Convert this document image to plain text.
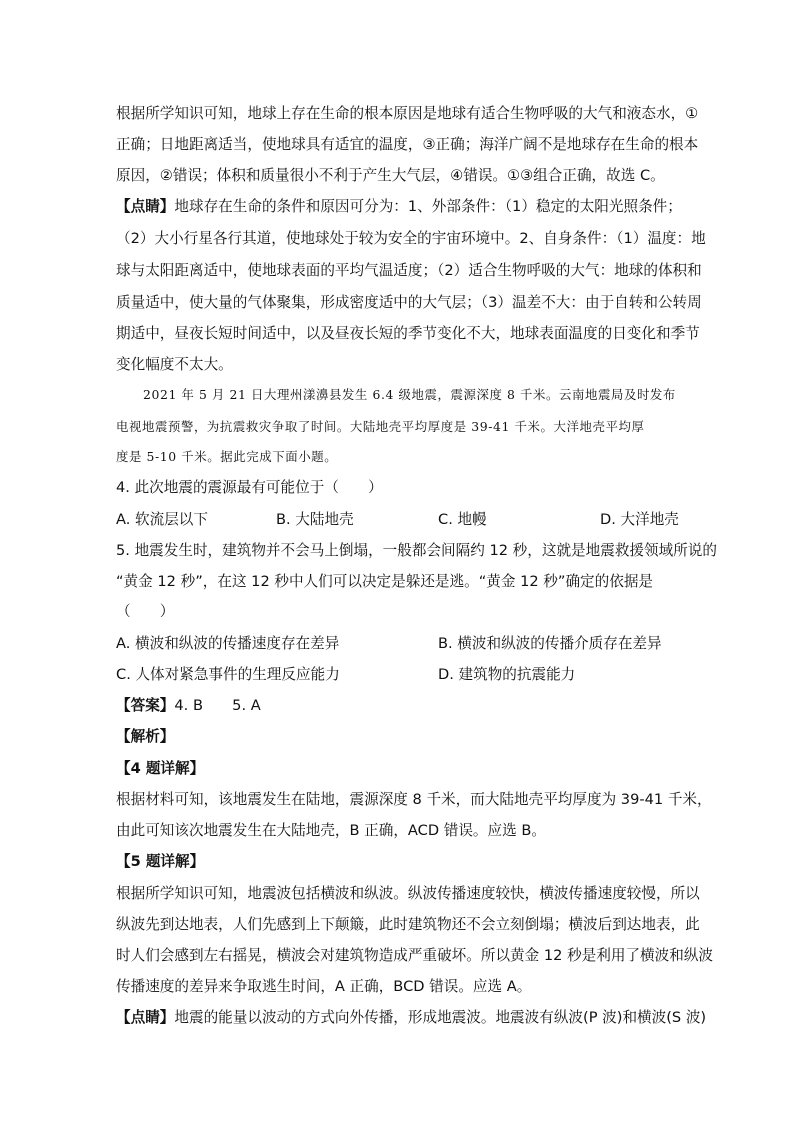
根据所学知识可知，地球上存在生命的根本原因是地球有适合生物呼吸的大气和液态水，①
正确；日地距离适当，使地球具有适宜的温度，③正确；海洋广阔不是地球存在生命的根本
原因，②错误；体积和质量很小不利于产生大气层，④错误。①③组合正确，故选 C。
【点睛】地球存在生命的条件和原因可分为：1、外部条件：（1）稳定的太阳光照条件；
（2）大小行星各行其道，使地球处于较为安全的宇宙环境中。2、自身条件：（1）温度：地
球与太阳距离适中，使地球表面的平均气温适度；（2）适合生物呼吸的大气：地球的体积和
质量适中，使大量的气体聚集，形成密度适中的大气层；（3）温差不大：由于自转和公转周
期适中，昼夜长短时间适中，以及昼夜长短的季节变化不大，地球表面温度的日变化和季节
变化幅度不太大。
2021 年 5 月 21 日大理州漾濞县发生 6.4 级地震，震源深度 8 千米。云南地震局及时发布
电视地震预警，为抗震救灾争取了时间。大陆地壳平均厚度是 39-41 千米。大洋地壳平均厚
度是 5-10 千米。据此完成下面小题。
4. 此次地震的震源最有可能位于（　　）
A. 软流层以下	B. 大陆地壳	C. 地幔	D. 大洋地壳
5. 地震发生时，建筑物并不会马上倒塌，一般都会间隔约 12 秒，这就是地震救援领域所说的
“黄金 12 秒”，在这 12 秒中人们可以决定是躲还是逃。“黄金 12 秒”确定的依据是
（　　）
A. 横波和纵波的传播速度存在差异	B. 横波和纵波的传播介质存在差异
C. 人体对紧急事件的生理反应能力	D. 建筑物的抗震能力
【答案】4. B　　5. A
【解析】
【4 题详解】
根据材料可知，该地震发生在陆地，震源深度 8 千米，而大陆地壳平均厚度为 39-41 千米，
由此可知该次地震发生在大陆地壳，B 正确，ACD 错误。应选 B。
【5 题详解】
根据所学知识可知，地震波包括横波和纵波。纵波传播速度较快，横波传播速度较慢，所以
纵波先到达地表，人们先感到上下颠簸，此时建筑物还不会立刻倒塌；横波后到达地表，此
时人们会感到左右摇晃，横波会对建筑物造成严重破坏。所以黄金 12 秒是利用了横波和纵波
传播速度的差异来争取逃生时间，A 正确，BCD 错误。应选 A。
【点睛】地震的能量以波动的方式向外传播，形成地震波。地震波有纵波(P 波)和横波(S 波)
